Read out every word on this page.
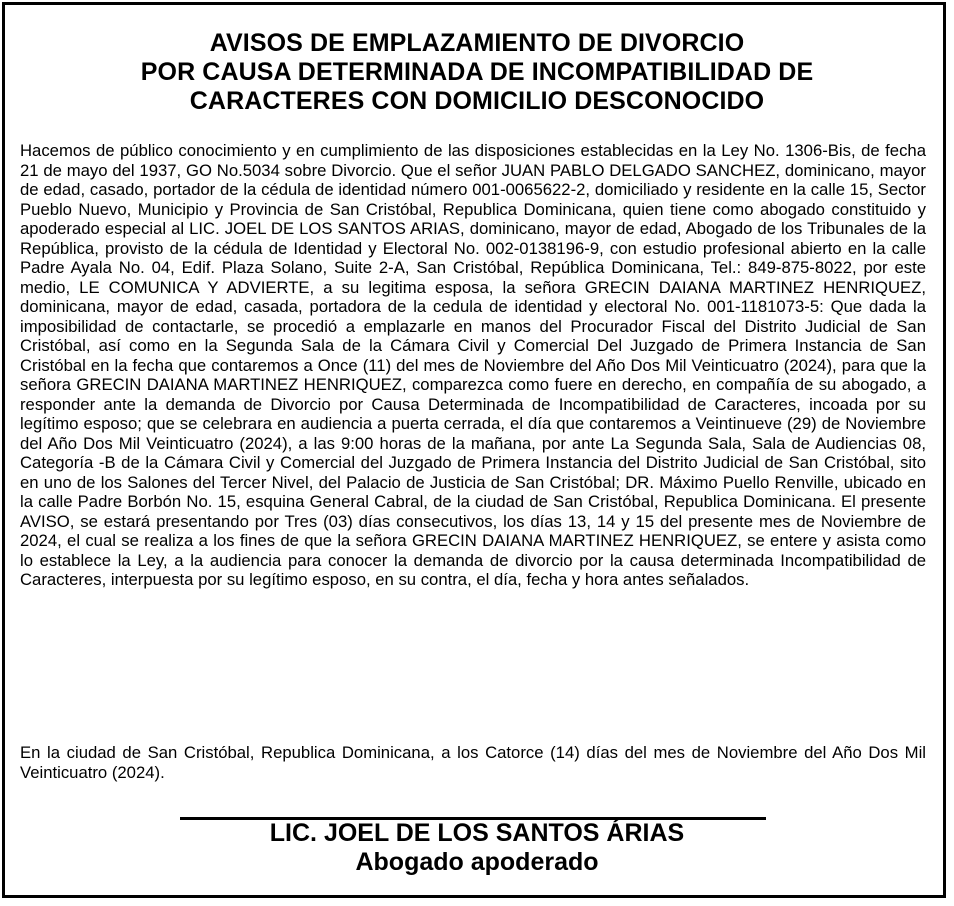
AVISOS DE EMPLAZAMIENTO DE DIVORCIO
POR CAUSA DETERMINADA DE INCOMPATIBILIDAD DE
CARACTERES CON DOMICILIO DESCONOCIDO

Hacemos de público conocimiento y en cumplimiento de las disposiciones establecidas en la Ley No. 1306-Bis, de fecha 21 de mayo del 1937, GO No.5034 sobre Divorcio. Que el señor JUAN PABLO DELGADO SANCHEZ, dominicano, mayor de edad, casado, portador de la cédula de identidad número 001-0065622-2, domiciliado y residente en la calle 15, Sector Pueblo Nuevo, Municipio y Provincia de San Cristóbal, Republica Dominicana, quien tiene como abogado constituido y apoderado especial al LIC. JOEL DE LOS SANTOS ARIAS, dominicano, mayor de edad, Abogado de los Tribunales de la República, provisto de la cédula de Identidad y Electoral No. 002-0138196-9, con estudio profesional abierto en la calle Padre Ayala No. 04, Edif. Plaza Solano, Suite 2-A, San Cristóbal, República Dominicana, Tel.: 849-875-8022, por este medio, LE COMUNICA Y ADVIERTE, a su legitima esposa, la señora GRECIN DAIANA MARTINEZ HENRIQUEZ, dominicana, mayor de edad, casada, portadora de la cedula de identidad y electoral No. 001-1181073-5: Que dada la imposibilidad de contactarle, se procedió a emplazarle en manos del Procurador Fiscal del Distrito Judicial de San Cristóbal, así como en la Segunda Sala de la Cámara Civil y Comercial Del Juzgado de Primera Instancia de San Cristóbal en la fecha que contaremos a Once (11) del mes de Noviembre del Año Dos Mil Veinticuatro (2024), para que la señora GRECIN DAIANA MARTINEZ HENRIQUEZ, comparezca como fuere en derecho, en compañía de su abogado, a responder ante la demanda de Divorcio por Causa Determinada de Incompatibilidad de Caracteres, incoada por su legítimo esposo; que se celebrara en audiencia a puerta cerrada, el día que contaremos a Veintinueve (29) de Noviembre del Año Dos Mil Veinticuatro (2024), a las 9:00 horas de la mañana, por ante La Segunda Sala, Sala de Audiencias 08, Categoría -B de la Cámara Civil y Comercial del Juzgado de Primera Instancia del Distrito Judicial de San Cristóbal, sito en uno de los Salones del Tercer Nivel, del Palacio de Justicia de San Cristóbal; DR. Máximo Puello Renville, ubicado en la calle Padre Borbón No. 15, esquina General Cabral, de la ciudad de San Cristóbal, Republica Dominicana. El presente AVISO, se estará presentando por Tres (03) días consecutivos, los días 13, 14 y 15 del presente mes de Noviembre de 2024, el cual se realiza a los fines de que la señora GRECIN DAIANA MARTINEZ HENRIQUEZ, se entere y asista como lo establece la Ley, a la audiencia para conocer la demanda de divorcio por la causa determinada Incompatibilidad de Caracteres, interpuesta por su legítimo esposo, en su contra, el día, fecha y hora antes señalados.

En la ciudad de San Cristóbal, Republica Dominicana, a los Catorce (14) días del mes de Noviembre del Año Dos Mil Veinticuatro (2024).

LIC. JOEL DE LOS SANTOS ÁRIAS

Abogado apoderado
